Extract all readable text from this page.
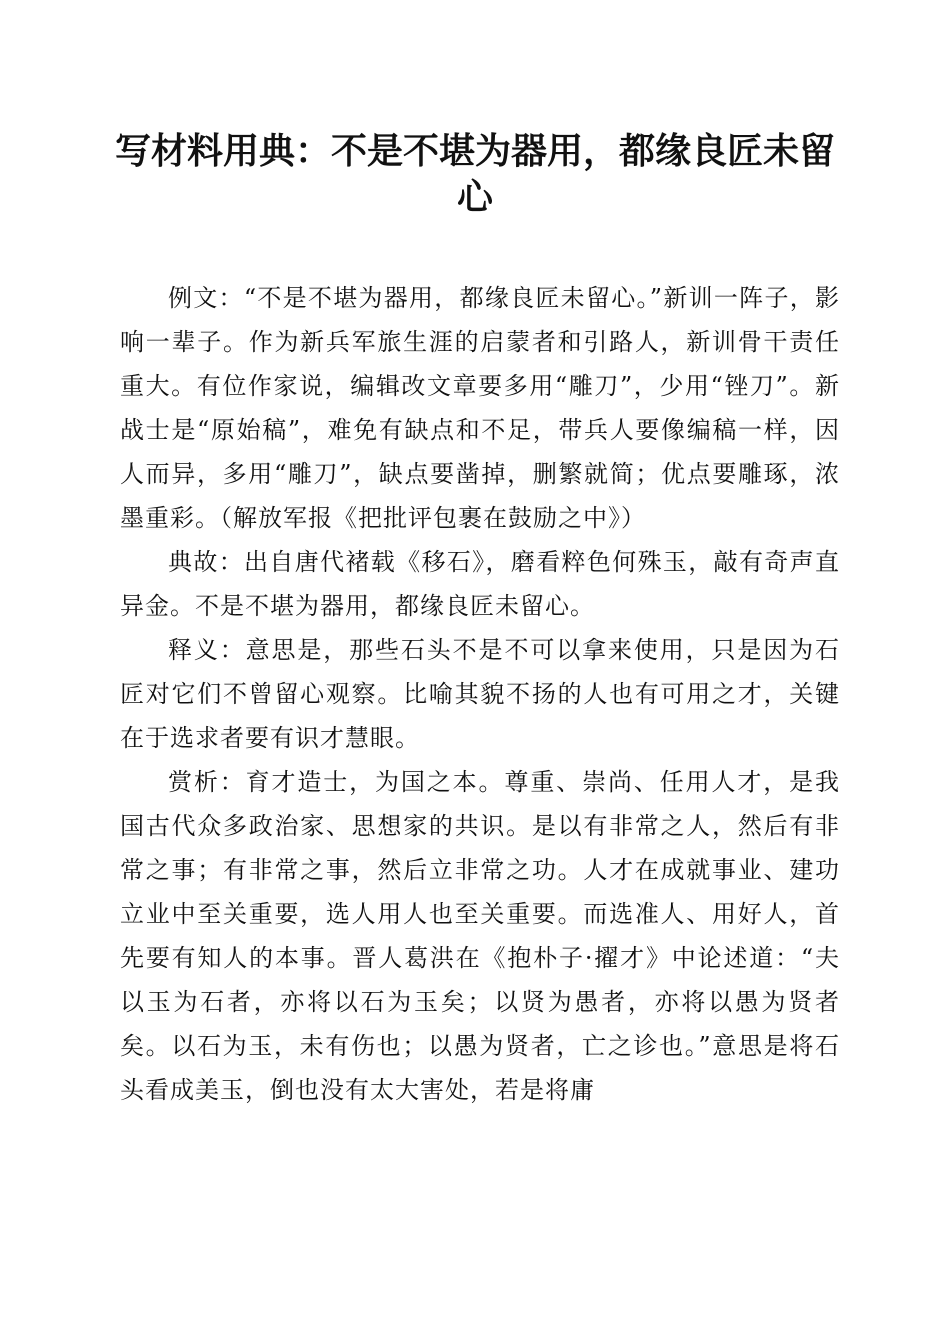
写材料用典：不是不堪为器用，都缘良匠未留心

例文：“不是不堪为器用，都缘良匠未留心。”新训一阵子，影响一辈子。作为新兵军旅生涯的启蒙者和引路人，新训骨干责任重大。有位作家说，编辑改文章要多用“雕刀”，少用“锉刀”。新战士是“原始稿”，难免有缺点和不足，带兵人要像编稿一样，因人而异，多用“雕刀”，缺点要凿掉，删繁就简；优点要雕琢，浓墨重彩。（解放军报《把批评包裹在鼓励之中》）

典故：出自唐代褚载《移石》，磨看粹色何殊玉，敲有奇声直异金。不是不堪为器用，都缘良匠未留心。

释义：意思是，那些石头不是不可以拿来使用，只是因为石匠对它们不曾留心观察。比喻其貌不扬的人也有可用之才，关键在于选求者要有识才慧眼。

赏析：育才造士，为国之本。尊重、崇尚、任用人才，是我国古代众多政治家、思想家的共识。是以有非常之人，然后有非常之事；有非常之事，然后立非常之功。人才在成就事业、建功立业中至关重要，选人用人也至关重要。而选准人、用好人，首先要有知人的本事。晋人葛洪在《抱朴子·擢才》中论述道：“夫以玉为石者，亦将以石为玉矣；以贤为愚者，亦将以愚为贤者矣。以石为玉，未有伤也；以愚为贤者，亡之诊也。”意思是将石头看成美玉，倒也没有太大害处，若是将庸
